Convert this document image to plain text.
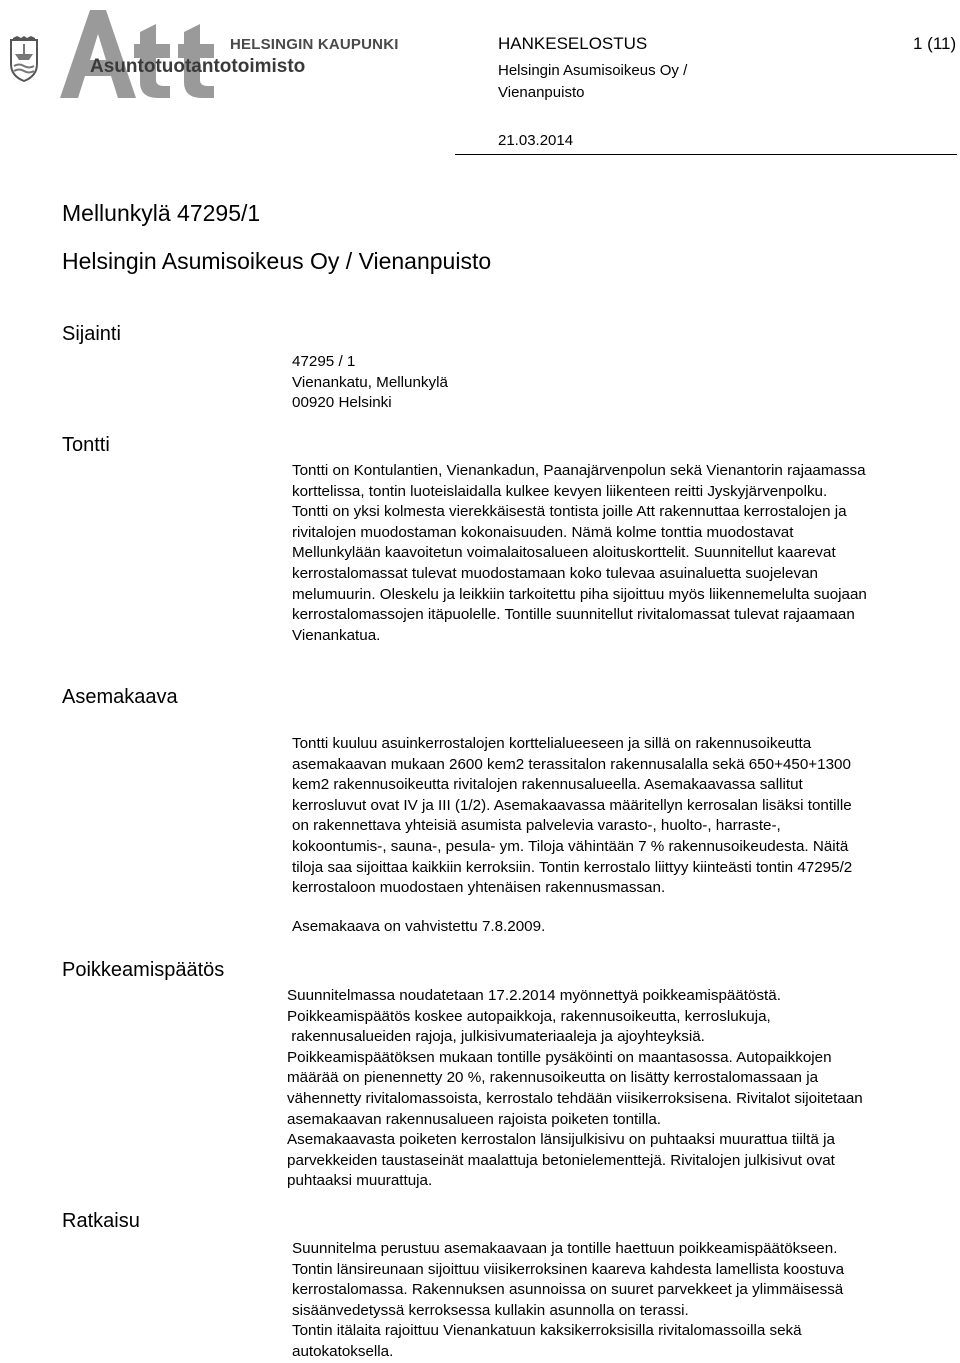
HELSINGIN KAUPUNKI
Asuntotuotantotoimisto
HANKESELOSTUS	1 (11)
Helsingin Asumisoikeus Oy /
Vienanpuisto
21.03.2014
Mellunkylä 47295/1
Helsingin Asumisoikeus Oy / Vienanpuisto
Sijainti
47295 / 1
Vienankatu, Mellunkylä
00920 Helsinki
Tontti
Tontti on Kontulantien, Vienankadun, Paanajärvenpolun sekä Vienantorin rajaamassa
korttelissa, tontin luoteislaidalla kulkee kevyen liikenteen reitti Jyskyjärvenpolku.
Tontti on yksi kolmesta vierekkäisestä tontista joille Att rakennuttaa kerrostalojen ja
rivitalojen muodostaman kokonaisuuden. Nämä kolme tonttia muodostavat
Mellunkylään kaavoitetun voimalaitosalueen aloituskorttelit. Suunnitellut kaarevat
kerrostalomassat tulevat muodostamaan koko tulevaa asuinaluetta suojelevan
melumuurin. Oleskelu ja leikkiin tarkoitettu piha sijoittuu myös liikennemelulta suojaan
kerrostalomassojen itäpuolelle. Tontille suunnitellut rivitalomassat tulevat rajaamaan
Vienankatua.
Asemakaava
Tontti kuuluu asuinkerrostalojen korttelialueeseen ja sillä on rakennusoikeutta
asemakaavan mukaan 2600 kem2 terassitalon rakennusalalla sekä 650+450+1300
kem2 rakennusoikeutta rivitalojen rakennusalueella. Asemakaavassa sallitut
kerrosluvut ovat IV ja III (1/2). Asemakaavassa määritellyn kerrosalan lisäksi tontille
on rakennettava yhteisiä asumista palvelevia varasto-, huolto-, harraste-,
kokoontumis-, sauna-, pesula- ym. Tiloja vähintään 7 % rakennusoikeudesta. Näitä
tiloja saa sijoittaa kaikkiin kerroksiin. Tontin kerrostalo liittyy kiinteästi tontin 47295/2
kerrostaloon muodostaen yhtenäisen rakennusmassan.
Asemakaava on vahvistettu 7.8.2009.
Poikkeamispäätös
Suunnitelmassa noudatetaan 17.2.2014 myönnettyä poikkeamispäätöstä.
Poikkeamispäätös koskee autopaikkoja, rakennusoikeutta, kerroslukuja,
rakennusalueiden rajoja, julkisivumateriaaleja ja ajoyhteyksiä.
Poikkeamispäätöksen mukaan tontille pysäköinti on maantasossa. Autopaikkojen
määrää on pienennetty 20 %, rakennusoikeutta on lisätty kerrostalomassaan ja
vähennetty rivitalomassoista, kerrostalo tehdään viisikerroksisena. Rivitalot sijoitetaan
asemakaavan rakennusalueen rajoista poiketen tontilla.
Asemakaavasta poiketen kerrostalon länsijulkisivu on puhtaaksi muurattua tiiltä ja
parvekkeiden taustaseinät maalattuja betonielementtejä. Rivitalojen julkisivut ovat
puhtaaksi muurattuja.
Ratkaisu
Suunnitelma perustuu asemakaavaan ja tontille haettuun poikkeamispäätökseen.
Tontin länsireunaan sijoittuu viisikerroksinen kaareva kahdesta lamellista koostuva
kerrostalomassa. Rakennuksen asunnoissa on suuret parvekkeet ja ylimmäisessä
sisäänvedetyssä kerroksessa kullakin asunnolla on terassi.
Tontin itälaita rajoittuu Vienankatuun kaksikerroksisilla rivitalomassoilla sekä
autokatoksella.
